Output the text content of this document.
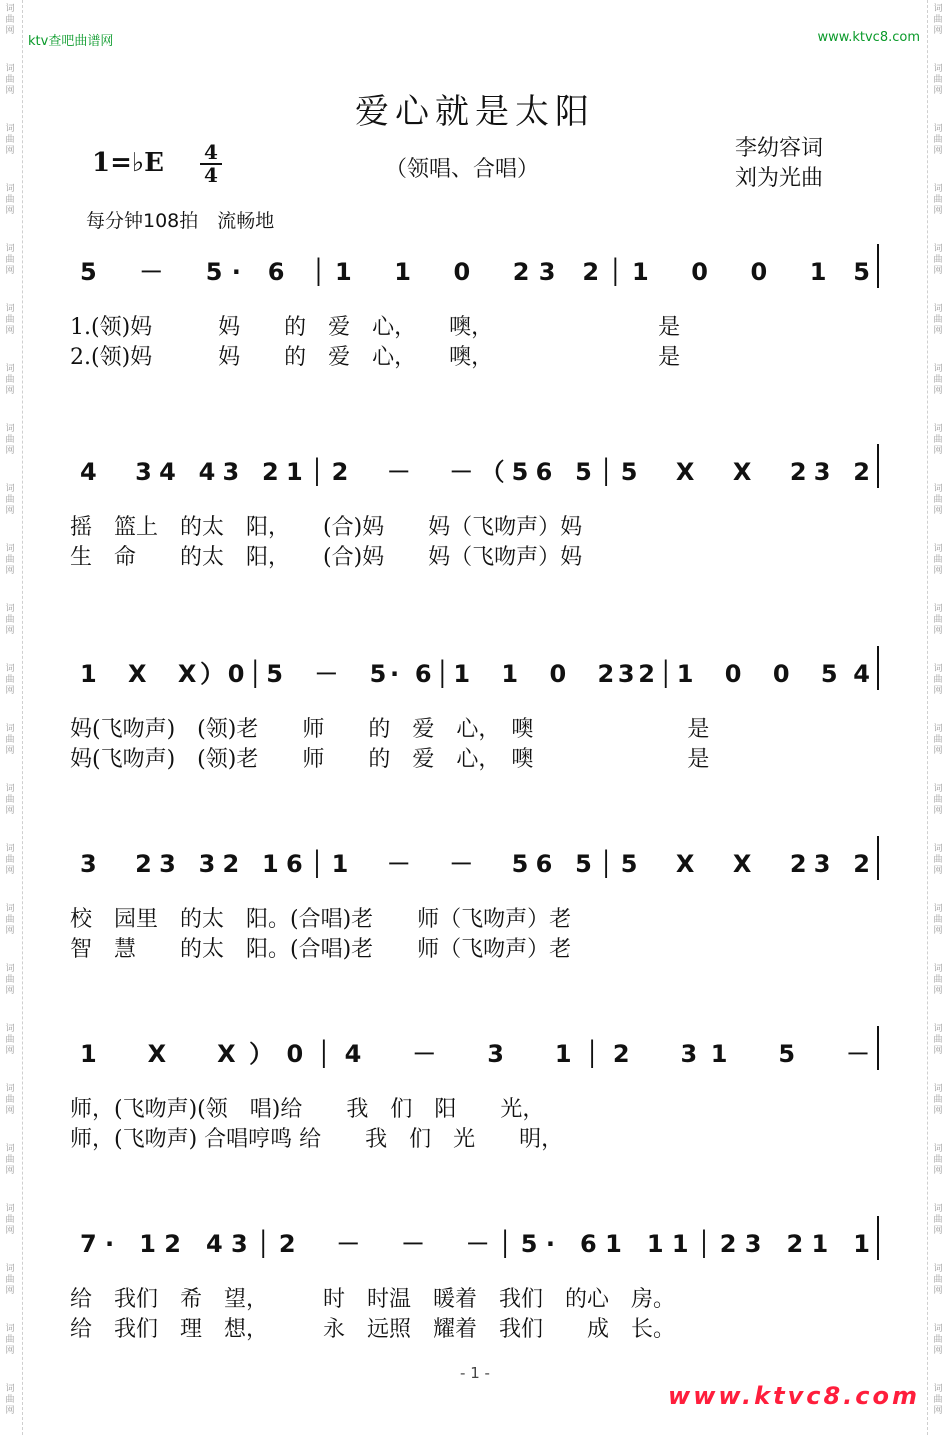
词
曲
网
词
曲
网
词
曲
网
词
曲
网
词
曲
网
词
曲
网
词
曲
网
词
曲
网
词
曲
网
词
曲
网
词
曲
网
词
曲
网
词
曲
网
词
曲
网
词
曲
网
词
曲
网
词
曲
网
词
曲
网
词
曲
网
词
曲
网
词
曲
网
词
曲
网
词
曲
网
词
曲
网
词
曲
网
词
曲
网
词
曲
网
词
曲
网
词
曲
网
词
曲
网
词
曲
网
词
曲
网
词
曲
网
词
曲
网
词
曲
网
词
曲
网
词
曲
网
词
曲
网
词
曲
网
词
曲
网
词
曲
网
词
曲
网
词
曲
网
词
曲
网
词
曲
网
词
曲
网
词
曲
网
词
曲
网
ktv查吧曲谱网	www.ktvc8.com
爱心就是太阳
1=♭E $\frac{4}{4}$	（领唱、合唱）
李幼容词
刘为光曲
每分钟108拍　流畅地
5　－　5· 6 │1　1　0　23 2│1　0　0　1 5
1.(领)妈　　　妈　　的　爱　心，　　噢，　　　　　　　　是
2.(领)妈　　　妈　　的　爱　心，　　噢，　　　　　　　　是
4　34 43 21│2　－　－（56 5│5　X　X　23 2
摇　篮上　的太　阳，　　(合)妈　　妈（飞吻声）妈
生　命　　的太　阳，　　(合)妈　　妈（飞吻声）妈
1　X　X）0│5　－　5· 6│1　1　0　232│1　0　0　5 4
妈(飞吻声)　(领)老　　师　　的　爱　心，　噢　　　　　　　是
妈(飞吻声)　(领)老　　师　　的　爱　心，　噢　　　　　　　是
3　23 32 16│1　－　－　56 5│5　X　X　23 2
校　园里　的太　阳。(合唱)老　　师（飞吻声）老
智　慧　　的太　阳。(合唱)老　　师（飞吻声）老
1　X　X）0│4　－　3　1│2　31　5　－
师，(飞吻声)(领　唱)给　　我　们　阳　　光，
师，(飞吻声) 合唱哼鸣 给　　我　们　光　　明，
7· 12 43│2　－　－　－│5· 61 11│23 21 1
给　我们　希　望，　　　时　时温　暖着　我们　的心　房。
给　我们　理　想，　　　永　远照　耀着　我们　　成　长。
- 1 -
www.ktvc8.com
